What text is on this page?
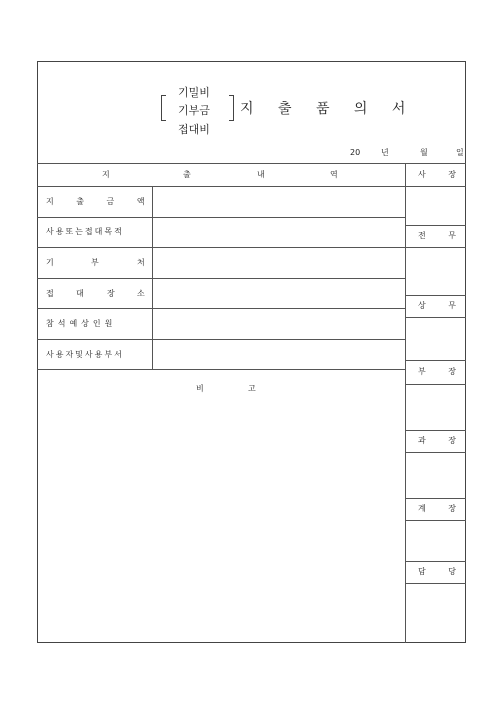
기밀비
기부금
접대비
지 출 품 의 서
20	년	월	일
지	출	내	역
지 출 금 액
사용또는접대목적
기	부	처
접	대	장	소
참석예상인원
사용자및사용부서
비	고
사 장
전 무
상 무
부 장
과 장
계 장
담 당
